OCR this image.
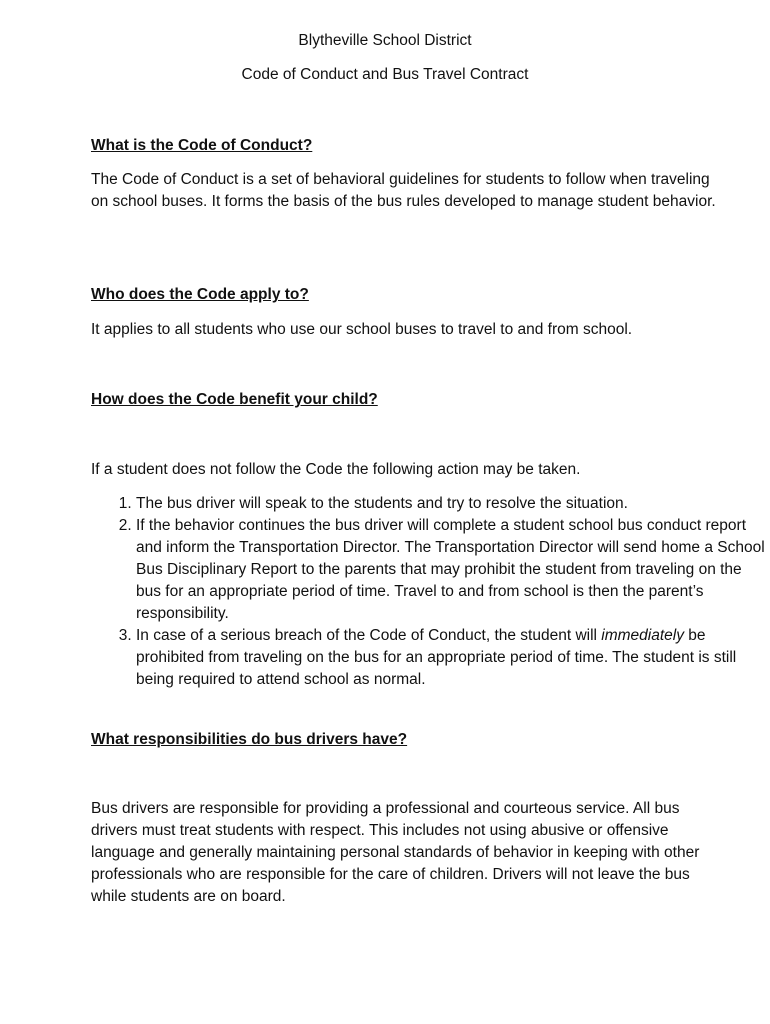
Blytheville School District
Code of Conduct and Bus Travel Contract
What is the Code of Conduct?

The Code of Conduct is a set of behavioral guidelines for students to follow when traveling on school buses. It forms the basis of the bus rules developed to manage student behavior.

Who does the Code apply to?

It applies to all students who use our school buses to travel to and from school.

How does the Code benefit your child?

If a student does not follow the Code the following action may be taken.

1. The bus driver will speak to the students and try to resolve the situation.
2. If the behavior continues the bus driver will complete a student school bus conduct report and inform the Transportation Director. The Transportation Director will send home a School Bus Disciplinary Report to the parents that may prohibit the student from traveling on the bus for an appropriate period of time. Travel to and from school is then the parent’s responsibility.
3. In case of a serious breach of the Code of Conduct, the student will immediately be prohibited from traveling on the bus for an appropriate period of time. The student is still being required to attend school as normal.
What responsibilities do bus drivers have?

Bus drivers are responsible for providing a professional and courteous service. All bus drivers must treat students with respect. This includes not using abusive or offensive language and generally maintaining personal standards of behavior in keeping with other professionals who are responsible for the care of children. Drivers will not leave the bus while students are on board.
